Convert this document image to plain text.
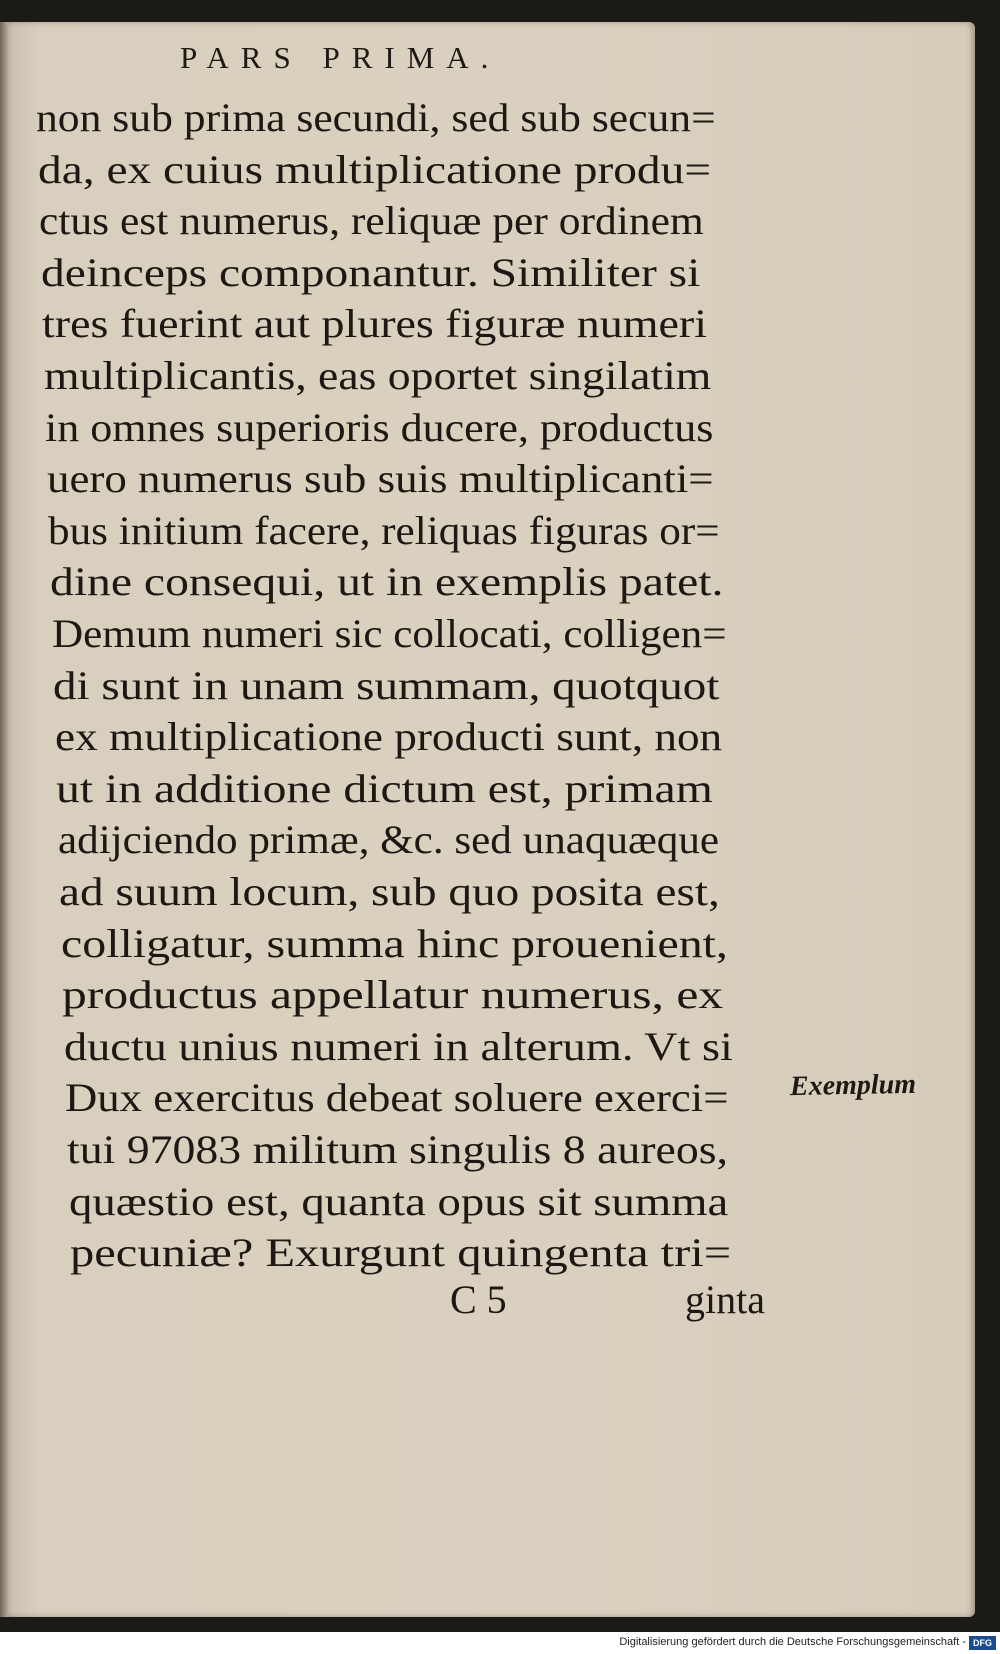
PARS PRIMA.
non sub prima secundi, sed sub secun=
da, ex cuius multiplicatione produ=
ctus est numerus, reliquæ per ordinem
deinceps componantur. Similiter si
tres fuerint aut plures figuræ numeri
multiplicantis, eas oportet singilatim
in omnes superioris ducere, productus
uero numerus sub suis multiplicanti=
bus initium facere, reliquas figuras or=
dine consequi, ut in exemplis patet.
Demum numeri sic collocati, colligen=
di sunt in unam summam, quotquot
ex multiplicatione producti sunt, non
ut in additione dictum est, primam
adijciendo primæ, &c. sed unaquæque
ad suum locum, sub quo posita est,
colligatur, summa hinc prouenient,
productus appellatur numerus, ex
ductu unius numeri in alterum. Vt si
Dux exercitus debeat soluere exerci=
tui 97083 militum singulis 8 aureos,
quæstio est, quanta opus sit summa
pecuniæ? Exurgunt quingenta tri=
Exemplum
C 5	ginta
Digitalisierung gefördert durch die Deutsche Forschungsgemeinschaft - DFG
